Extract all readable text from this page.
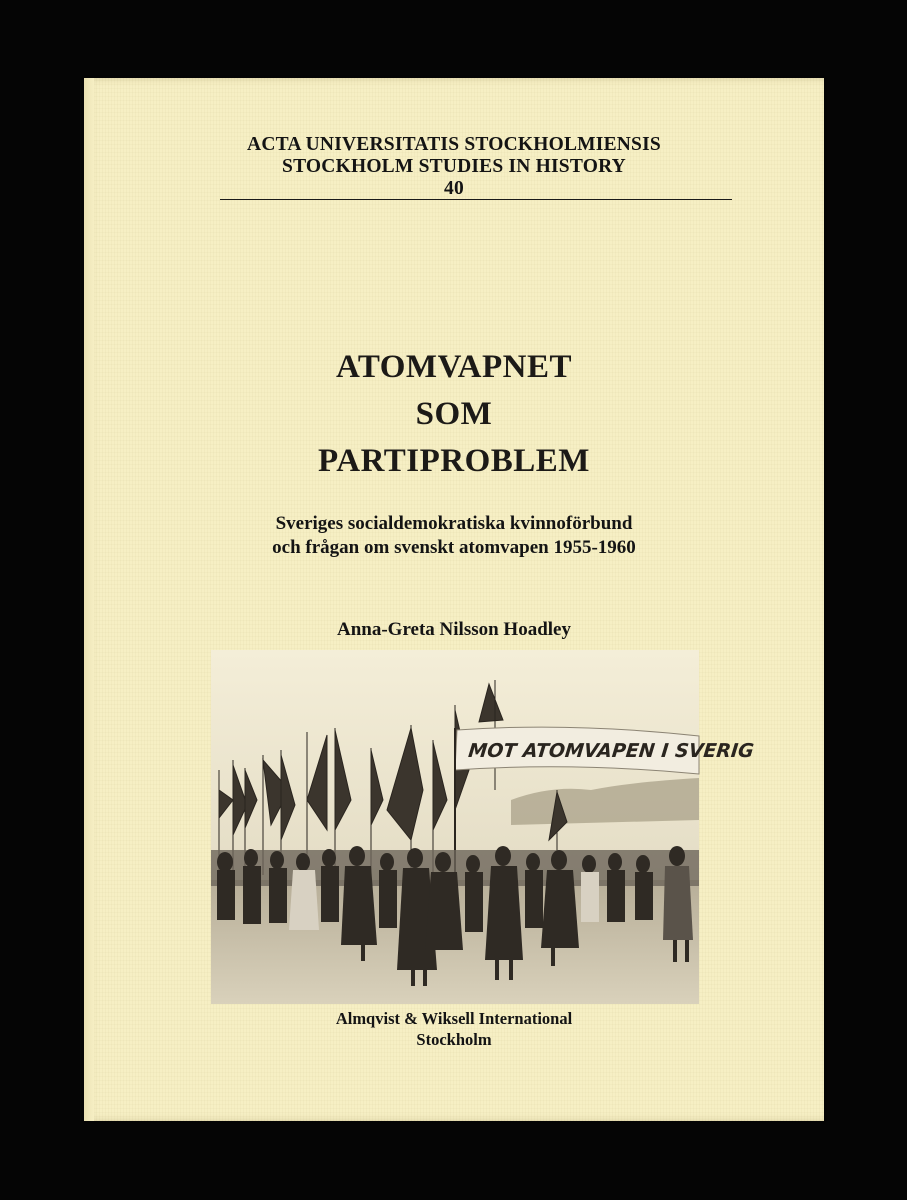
ACTA UNIVERSITATIS STOCKHOLMIENSIS
STOCKHOLM STUDIES IN HISTORY
40
ATOMVAPNET
SOM
PARTIPROBLEM
Sveriges socialdemokratiska kvinnoförbund
och frågan om svenskt atomvapen 1955-1960
Anna-Greta Nilsson Hoadley
MOT ATOMVAPEN I SVERIG
Almqvist & Wiksell International
Stockholm
